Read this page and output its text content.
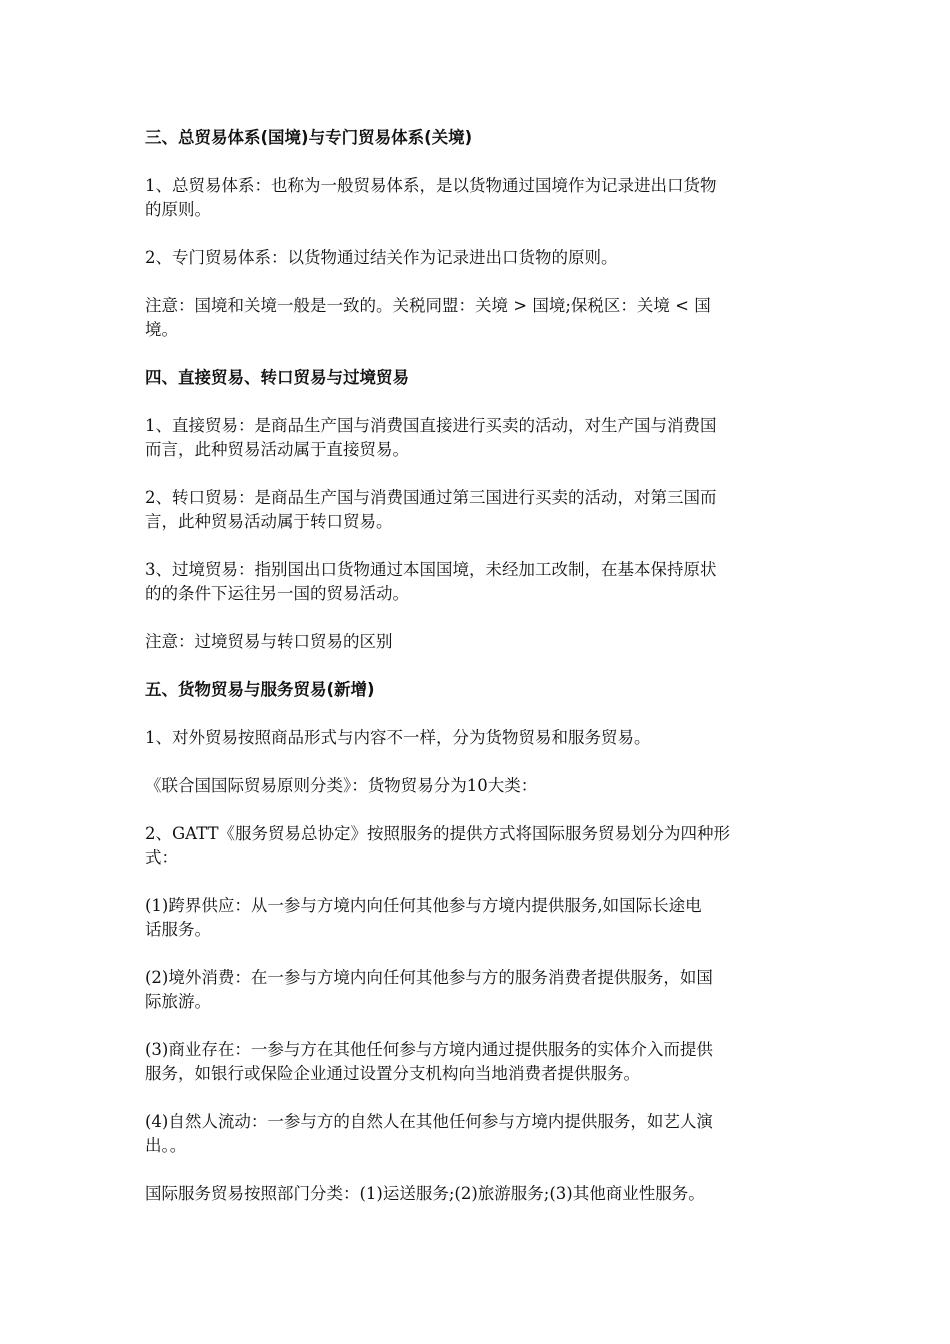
三、总贸易体系(国境)与专门贸易体系(关境)
1、总贸易体系：也称为一般贸易体系，是以货物通过国境作为记录进出口货物
的原则。
2、专门贸易体系：以货物通过结关作为记录进出口货物的原则。
注意：国境和关境一般是一致的。关税同盟：关境 > 国境;保税区：关境 < 国
境。
四、直接贸易、转口贸易与过境贸易
1、直接贸易：是商品生产国与消费国直接进行买卖的活动，对生产国与消费国
而言，此种贸易活动属于直接贸易。
2、转口贸易：是商品生产国与消费国通过第三国进行买卖的活动，对第三国而
言，此种贸易活动属于转口贸易。
3、过境贸易：指别国出口货物通过本国国境，未经加工改制，在基本保持原状
的的条件下运往另一国的贸易活动。
注意：过境贸易与转口贸易的区别
五、货物贸易与服务贸易(新增)
1、对外贸易按照商品形式与内容不一样，分为货物贸易和服务贸易。
《联合国国际贸易原则分类》：货物贸易分为10大类：
2、GATT《服务贸易总协定》按照服务的提供方式将国际服务贸易划分为四种形
式：
(1)跨界供应：从一参与方境内向任何其他参与方境内提供服务,如国际长途电
话服务。
(2)境外消费：在一参与方境内向任何其他参与方的服务消费者提供服务，如国
际旅游。
(3)商业存在：一参与方在其他任何参与方境内通过提供服务的实体介入而提供
服务，如银行或保险企业通过设置分支机构向当地消费者提供服务。
(4)自然人流动：一参与方的自然人在其他任何参与方境内提供服务，如艺人演
出。。
国际服务贸易按照部门分类：(1)运送服务;(2)旅游服务;(3)其他商业性服务。
